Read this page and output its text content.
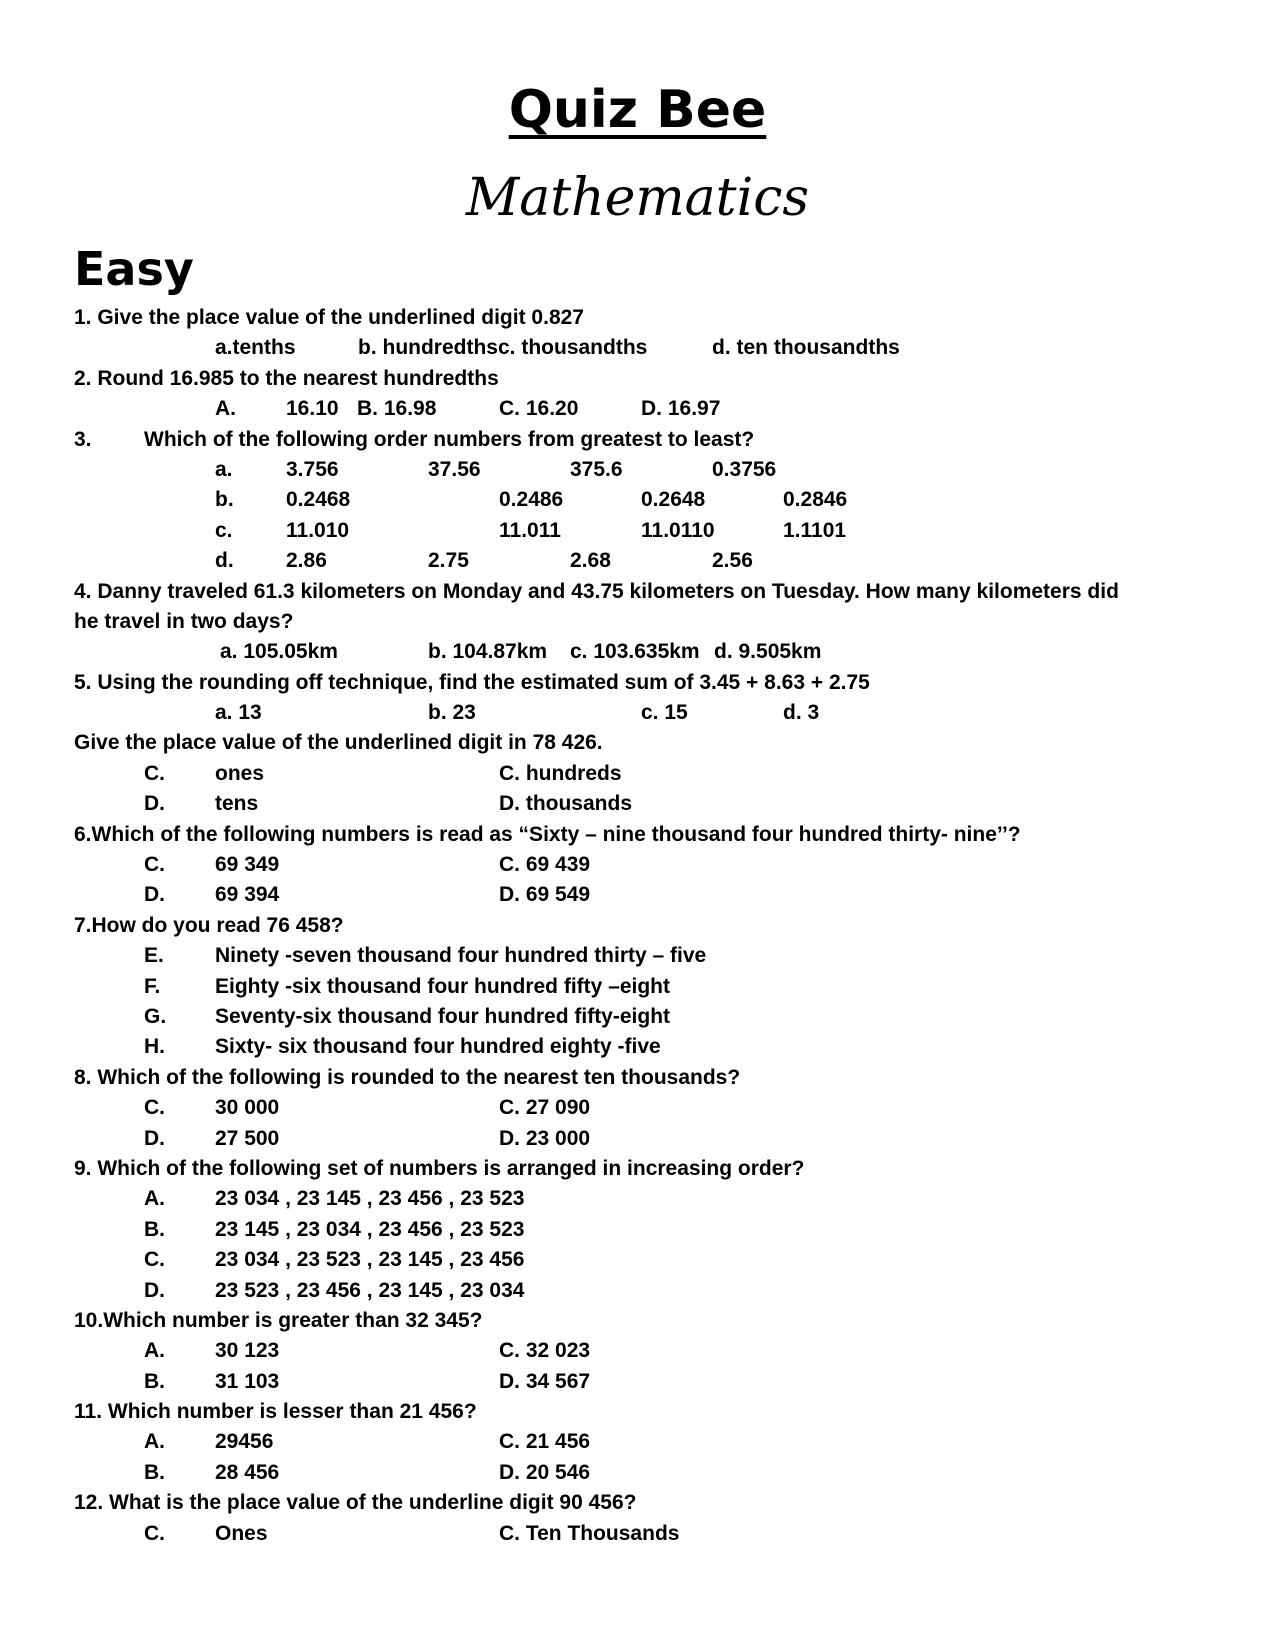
Quiz Bee
Mathematics
Easy
1. Give the place value of the underlined digit 0.827
a.tenths	b. hundredths c. thousandths	d. ten thousandths
2. Round 16.985 to the nearest hundredths
A. 16.10 B. 16.98	C. 16.20	D. 16.97
3. Which of the following order numbers from greatest to least?
a.	3.756	37.56	375.6	0.3756
b. 0.2468	0.2486	0.2648	0.2846
c.	11.010	11.011	11.0110	1.1101
d. 2.86	2.75	2.68	2.56
4. Danny traveled 61.3 kilometers on Monday and 43.75 kilometers on Tuesday. How many kilometers did
he travel in two days?
a. 105.05km	b. 104.87km c. 103.635km d. 9.505km
5. Using the rounding off technique, find the estimated sum of 3.45 + 8.63 + 2.75
a. 13	b. 23	c. 15	d. 3
Give the place value of the underlined digit in 78 426.
C. ones	C. hundreds
D. tens	D. thousands
6.Which of the following numbers is read as “Sixty – nine thousand four hundred thirty- nine’’?
C. 69 349	C. 69 439
D. 69 394	D. 69 549
7.How do you read 76 458?
E. Ninety -seven thousand four hundred thirty – five
F.	Eighty -six thousand four hundred fifty –eight
G. Seventy-six thousand four hundred fifty-eight
H. Sixty- six thousand four hundred eighty -five
8. Which of the following is rounded to the nearest ten thousands?
C. 30 000	C. 27 090
D. 27 500	D. 23 000
9. Which of the following set of numbers is arranged in increasing order?
A. 23 034 , 23 145 , 23 456 , 23 523
B. 23 145 , 23 034 , 23 456 , 23 523
C. 23 034 , 23 523 , 23 145 , 23 456
D. 23 523 , 23 456 , 23 145 , 23 034
10.Which number is greater than 32 345?
A. 30 123	C. 32 023
B. 31 103	D. 34 567
11. Which number is lesser than 21 456?
A. 29456	C. 21 456
B. 28 456	D. 20 546
12. What is the place value of the underline digit 90 456?
C. Ones	C. Ten Thousands
